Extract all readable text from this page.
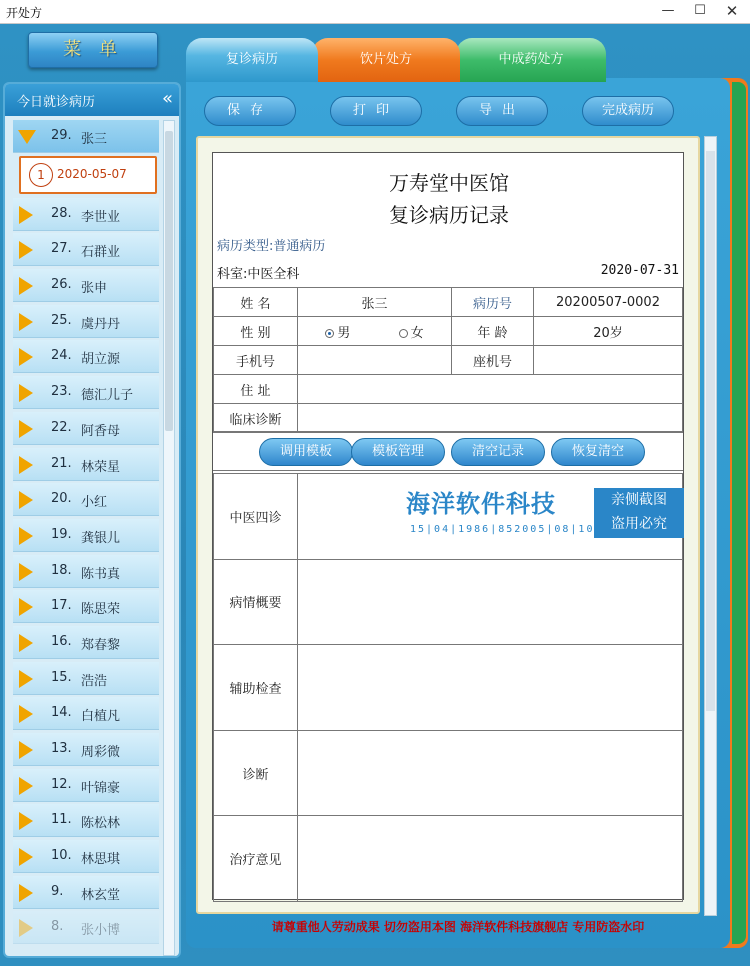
开处方	—	☐	✕
菜 单
今日就诊病历	«
29. 张三
1	2020-05-07
28. 李世业
27. 石群业
26. 张申
25. 虞丹丹
24. 胡立源
23. 德汇儿子
22. 阿香母
21. 林荣星
20. 小红
19. 龚银儿
18. 陈书真
17. 陈思荣
16. 郑春黎
15. 浩浩
14. 白植凡
13. 周彩微
12. 叶锦豪
11. 陈松林
10. 林思琪
9. 林玄堂
8. 张小博
中成药处方
饮片处方
复诊病历
保存	打印	导出	完成病历
万寿堂中医馆
复诊病历记录
病历类型:普通病历
科室:中医全科	2020-07-31
姓 名	张三	病历号	20200507-0002
性 别	男 女	年 龄	20岁
手机号		座机号	
住 址			
临床诊断			
调用模板	模板管理	清空记录	恢复清空
中医四诊	
病情概要	
辅助检查	
诊断	
治疗意见	
海洋软件科技	亲侧截图
盗用必究
15|04|1986|852005|08|10
请尊重他人劳动成果 切勿盗用本图 海洋软件科技旗舰店 专用防盗水印
